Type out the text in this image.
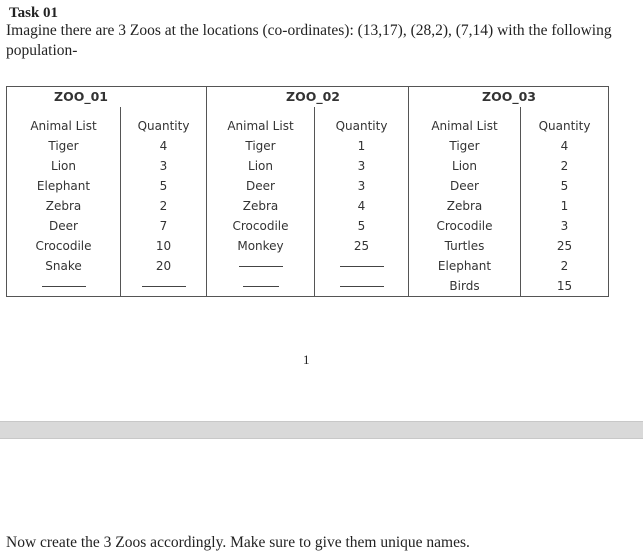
Task 01
Imagine there are 3 Zoos at the locations (co-ordinates): (13,17), (28,2), (7,14) with the following population-
ZOO_01		ZOO_02		ZOO_03	

Animal List	Quantity	Animal List	Quantity	Animal List	Quantity
Tiger	4	Tiger	1	Tiger	4
Lion	3	Lion	3	Lion	2
Elephant	5	Deer	3	Deer	5
Zebra	2	Zebra	4	Zebra	1
Deer	7	Crocodile	5	Crocodile	3
Crocodile	10	Monkey	25	Turtles	25
Snake	20			Elephant	2
				Birds	15
1
Now create the 3 Zoos accordingly. Make sure to give them unique names.
